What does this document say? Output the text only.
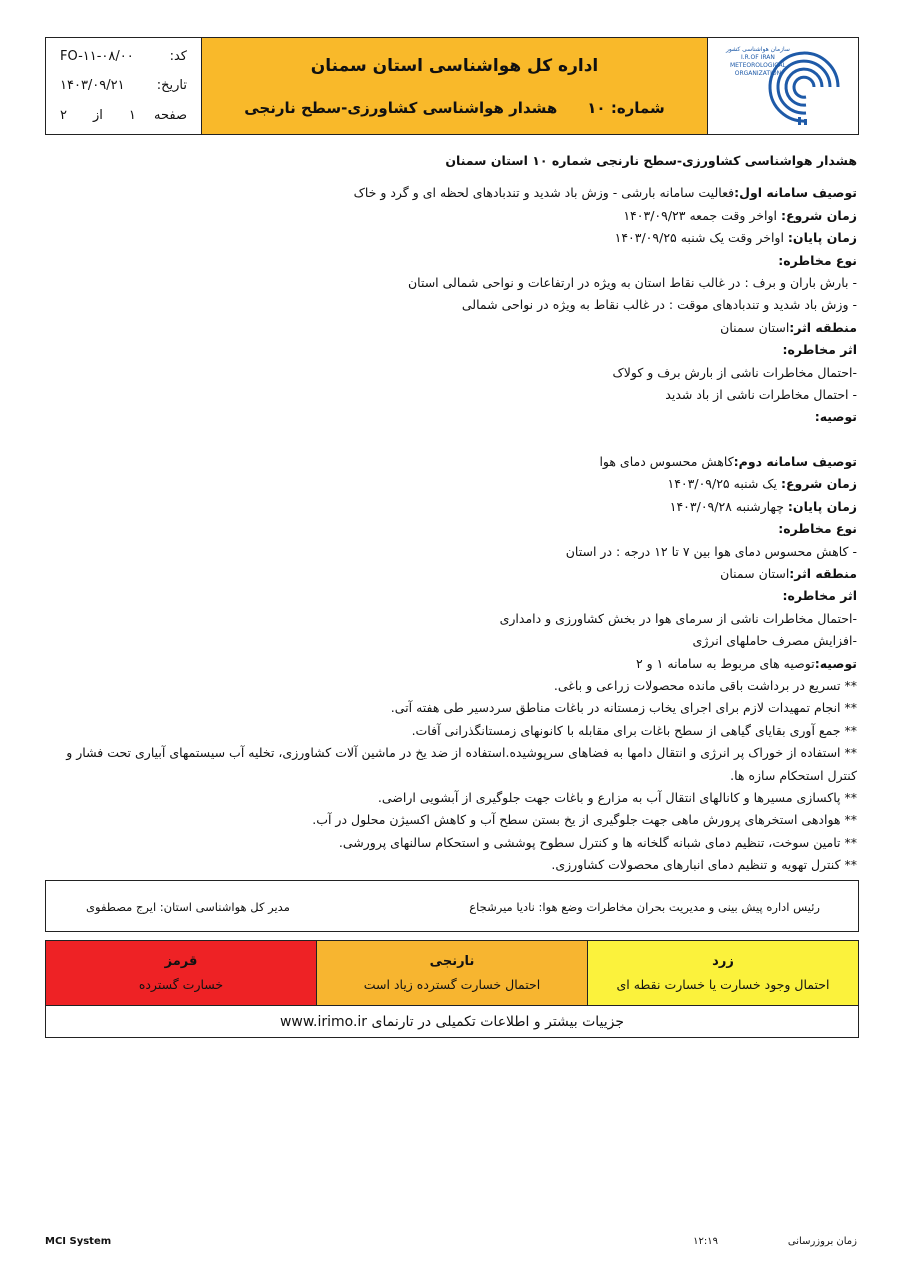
سازمان هواشناسی کشور
I.R.OF IRAN
METEOROLOGICAL
ORGANIZATION
اداره کل هواشناسی استان سمنان
هشدار هواشناسی کشاورزی-سطح نارنجی شماره: ۱۰
کد:
FO-۱۱-۰۸/۰۰
تاریخ:
۱۴۰۳/۰۹/۲۱
صفحه
۱
از
۲
هشدار هواشناسی کشاورزی-سطح نارنجی شماره ۱۰ استان سمنان
توصیف سامانه اول:فعالیت سامانه بارشی - وزش باد شدید و تندبادهای لحظه ای و گرد و خاک
زمان شروع: اواخر وقت جمعه ۱۴۰۳/۰۹/۲۳
زمان پایان: اواخر وقت یک شنبه ۱۴۰۳/۰۹/۲۵
نوع مخاطره:
- بارش باران و برف : در غالب نقاط استان به ویژه در ارتفاعات و نواحی شمالی استان
- وزش باد شدید و تندبادهای موقت : در غالب نقاط به ویژه در نواحی شمالی
منطقه اثر:استان سمنان
اثر مخاطره:
-احتمال مخاطرات ناشی از بارش برف و کولاک
- احتمال مخاطرات ناشی از باد شدید
توصیه:
توصیف سامانه دوم:کاهش محسوس دمای هوا
زمان شروع: یک شنبه ۱۴۰۳/۰۹/۲۵
زمان پایان: چهارشنبه ۱۴۰۳/۰۹/۲۸
نوع مخاطره:
- کاهش محسوس دمای هوا بین ۷ تا ۱۲ درجه : در استان
منطقه اثر:استان سمنان
اثر مخاطره:
-احتمال مخاطرات ناشی از سرمای هوا در بخش کشاورزی و دامداری
-افزایش مصرف حاملهای انرژی
توصیه:توصیه های مربوط به سامانه ۱ و ۲
** تسریع در برداشت باقی مانده محصولات زراعی و باغی.
** انجام تمهیدات لازم برای اجرای یخاب زمستانه در باغات مناطق سردسیر طی هفته آتی.
** جمع آوری بقایای گیاهی از سطح باغات برای مقابله با کانونهای زمستانگذرانی آفات.
** استفاده از خوراک پر انرژی و انتقال دامها به فضاهای سرپوشیده.استفاده از ضد یخ در ماشین آلات کشاورزی، تخلیه آب سیستمهای آبیاری تحت فشار و
کنترل استحکام سازه ها.
** پاکسازی مسیرها و کانالهای انتقال آب به مزارع و باغات جهت جلوگیری از آبشویی اراضی.
** هوادهی استخرهای پرورش ماهی جهت جلوگیری از یخ بستن سطح آب و کاهش اکسیژن محلول در آب.
** تامین سوخت، تنظیم دمای شبانه گلخانه ها و کنترل سطوح پوششی و استحکام سالنهای پرورشی.
** کنترل تهویه و تنظیم دمای انبارهای محصولات کشاورزی.
رئیس اداره پیش بینی و مدیریت بحران مخاطرات وضع هوا: نادیا میرشجاع
مدیر کل هواشناسی استان: ایرج مصطفوی
زرد
احتمال وجود خسارت یا خسارت نقطه ای
نارنجی
احتمال خسارت گسترده زیاد است
قرمز
خسارت گسترده
جزییات بیشتر و اطلاعات تکمیلی در تارنمای www.irimo.ir
MCI System	زمان بروزرسانی                      ۱۲:۱۹
